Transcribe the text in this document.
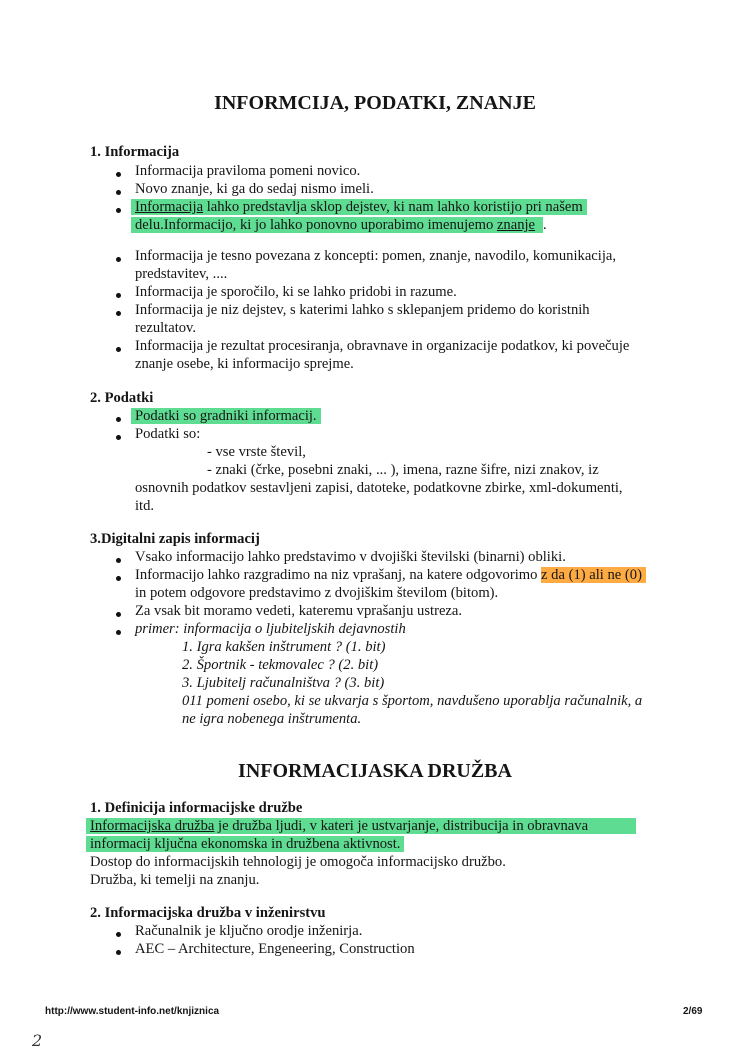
INFORMCIJA, PODATKI, ZNANJE
1. Informacija
Informacija praviloma pomeni novico.
Novo znanje, ki ga do sedaj nismo imeli.
Informacija lahko predstavlja sklop dejstev, ki nam lahko koristijo pri našem
delu.Informacijo, ki jo lahko ponovno uporabimo imenujemo znanje .
Informacija je tesno povezana z koncepti: pomen, znanje, navodilo, komunikacija,
predstavitev, ....
Informacija je sporočilo, ki se lahko pridobi in razume.
Informacija je niz dejstev, s katerimi lahko s sklepanjem pridemo do koristnih
rezultatov.
Informacija je rezultat procesiranja, obravnave in organizacije podatkov, ki povečuje
znanje osebe, ki informacijo sprejme.
2. Podatki
Podatki so gradniki informacij.
Podatki so:
- vse vrste števil,
- znaki (črke, posebni znaki, ... ), imena, razne šifre, nizi znakov, iz
osnovnih podatkov sestavljeni zapisi, datoteke, podatkovne zbirke, xml-dokumenti,
itd.
3.Digitalni zapis informacij
Vsako informacijo lahko predstavimo v dvojiški številski (binarni) obliki.
Informacijo lahko razgradimo na niz vprašanj, na katere odgovorimo z da (1) ali ne (0)
in potem odgovore predstavimo z dvojiškim številom (bitom).
Za vsak bit moramo vedeti, kateremu vprašanju ustreza.
primer: informacija o ljubiteljskih dejavnostih
1. Igra kakšen inštrument ? (1. bit)
2. Športnik - tekmovalec ? (2. bit)
3. Ljubitelj računalništva ? (3. bit)
011 pomeni osebo, ki se ukvarja s športom, navdušeno uporablja računalnik, a
ne igra nobenega inštrumenta.
INFORMACIJASKA DRUŽBA
1. Definicija informacijske družbe
Informacijska družba je družba ljudi, v kateri je ustvarjanje, distribucija in obravnava
informacij ključna ekonomska in družbena aktivnost.
Dostop do informacijskih tehnologij je omogoča informacijsko družbo.
Družba, ki temelji na znanju.
2. Informacijska družba v inženirstvu
Računalnik je ključno orodje inženirja.
AEC – Architecture, Engeneering, Construction
http://www.student-info.net/knjiznica	2/69
2
